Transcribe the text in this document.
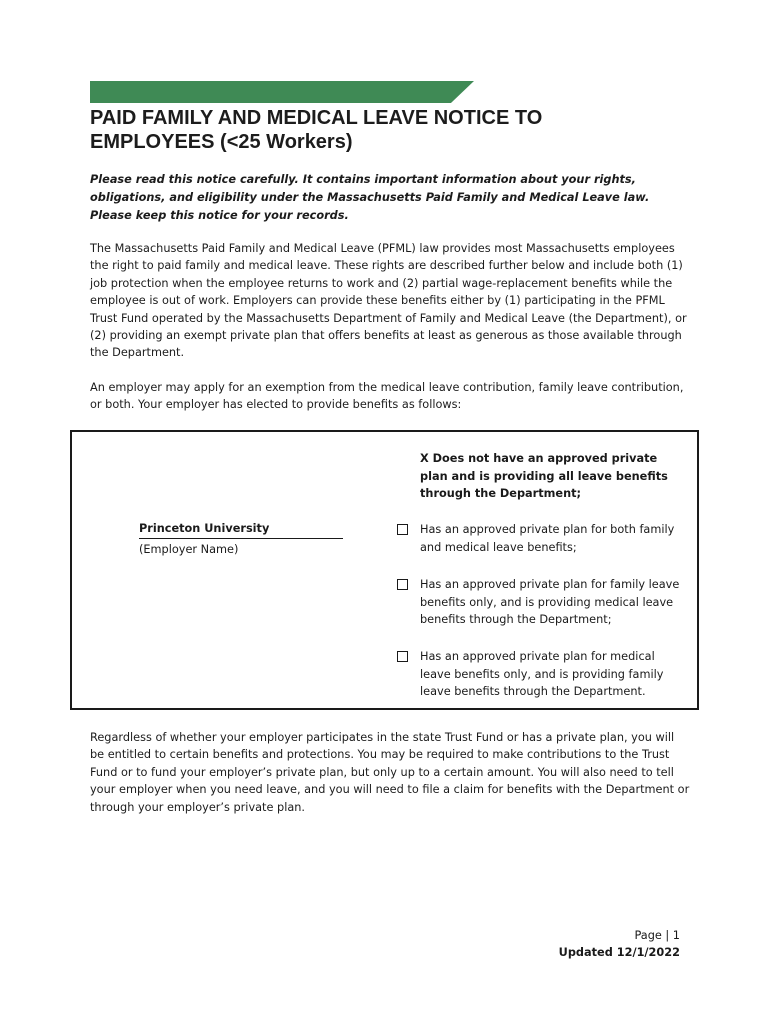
PAID FAMILY AND MEDICAL LEAVE NOTICE TO
EMPLOYEES (<25 Workers)

Please read this notice carefully. It contains important information about your rights, obligations, and eligibility under the Massachusetts Paid Family and Medical Leave law. Please keep this notice for your records.

The Massachusetts Paid Family and Medical Leave (PFML) law provides most Massachusetts employees the right to paid family and medical leave. These rights are described further below and include both (1) job protection when the employee returns to work and (2) partial wage-replacement benefits while the employee is out of work. Employers can provide these benefits either by (1) participating in the PFML Trust Fund operated by the Massachusetts Department of Family and Medical Leave (the Department), or (2) providing an exempt private plan that offers benefits at least as generous as those available through the Department.

An employer may apply for an exemption from the medical leave contribution, family leave contribution, or both. Your employer has elected to provide benefits as follows:

Princeton University
(Employer Name)
X Does not have an approved private plan and is providing all leave benefits through the Department;
Has an approved private plan for both family and medical leave benefits;
Has an approved private plan for family leave benefits only, and is providing medical leave benefits through the Department;
Has an approved private plan for medical leave benefits only, and is providing family leave benefits through the Department.

Regardless of whether your employer participates in the state Trust Fund or has a private plan, you will be entitled to certain benefits and protections. You may be required to make contributions to the Trust Fund or to fund your employer’s private plan, but only up to a certain amount. You will also need to tell your employer when you need leave, and you will need to file a claim for benefits with the Department or through your employer’s private plan.

Page | 1
Updated 12/1/2022
